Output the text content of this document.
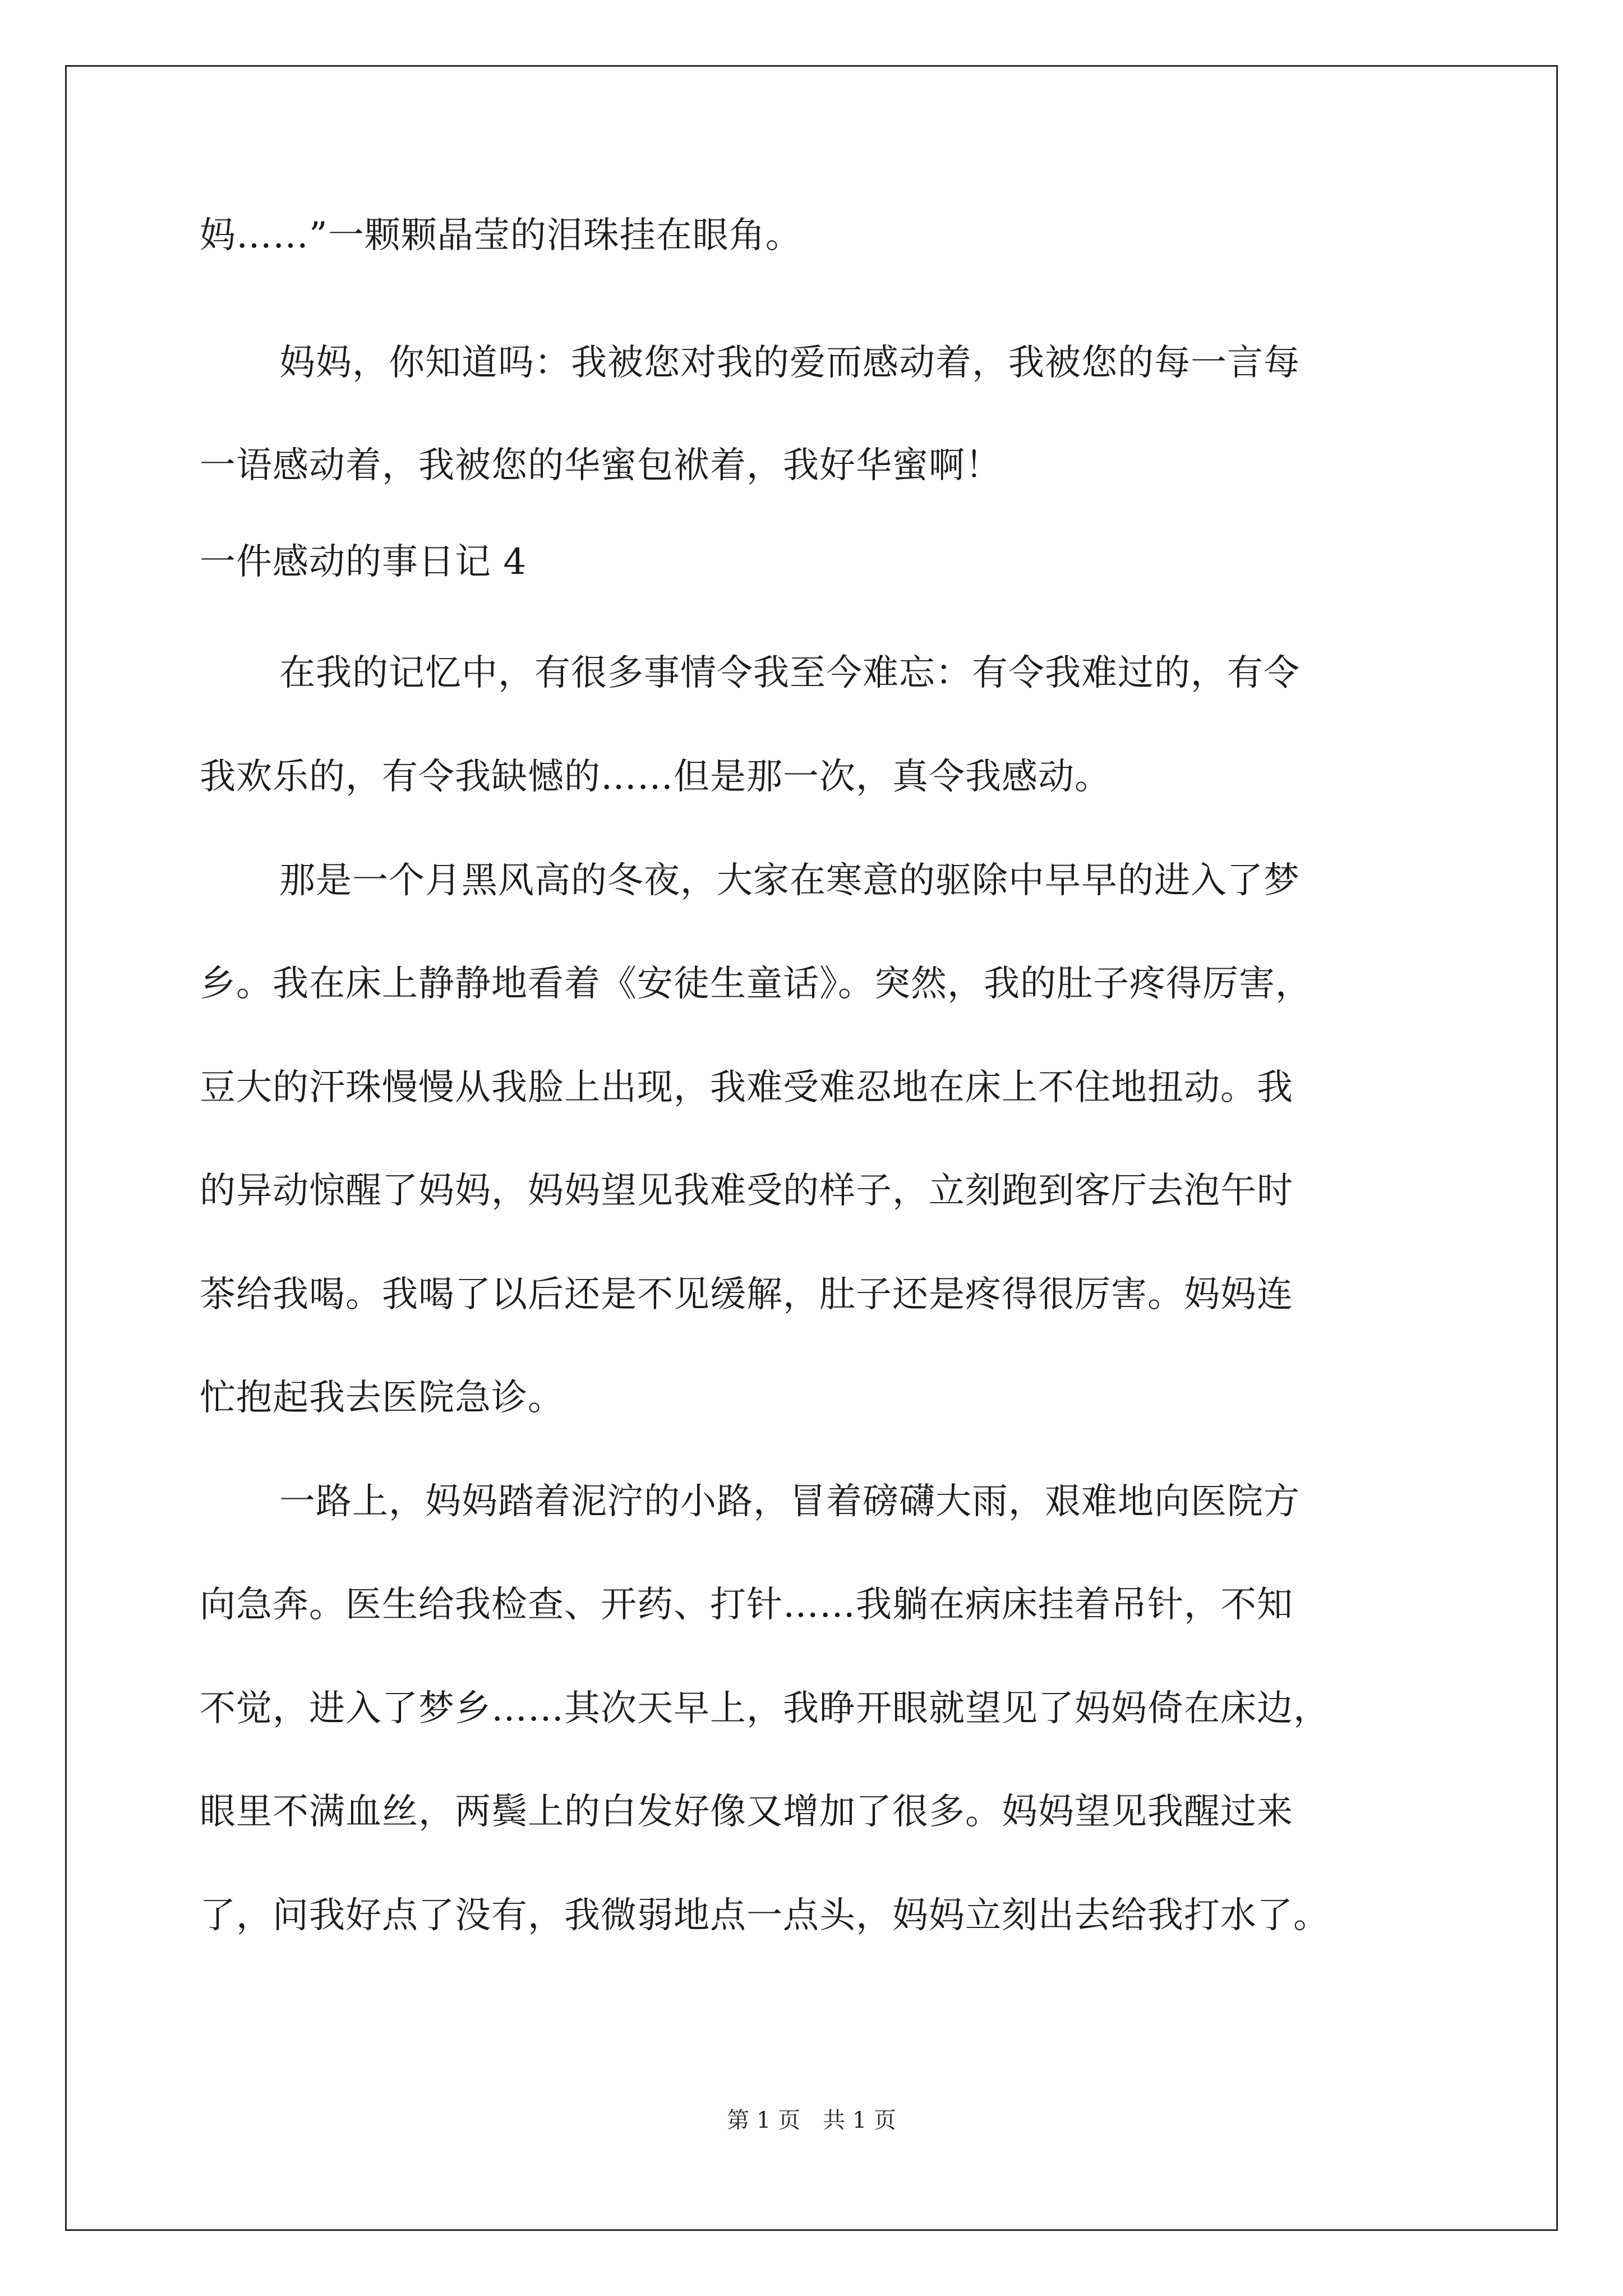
妈……”一颗颗晶莹的泪珠挂在眼角。
妈妈，你知道吗：我被您对我的爱而感动着，我被您的每一言每
一语感动着，我被您的华蜜包袱着，我好华蜜啊！
一件感动的事日记 4
在我的记忆中，有很多事情令我至今难忘：有令我难过的，有令
我欢乐的，有令我缺憾的……但是那一次，真令我感动。
那是一个月黑风高的冬夜，大家在寒意的驱除中早早的进入了梦
乡。我在床上静静地看着《安徒生童话》。突然，我的肚子疼得厉害，
豆大的汗珠慢慢从我脸上出现，我难受难忍地在床上不住地扭动。我
的异动惊醒了妈妈，妈妈望见我难受的样子，立刻跑到客厅去泡午时
茶给我喝。我喝了以后还是不见缓解，肚子还是疼得很厉害。妈妈连
忙抱起我去医院急诊。
一路上，妈妈踏着泥泞的小路，冒着磅礴大雨，艰难地向医院方
向急奔。医生给我检查、开药、打针……我躺在病床挂着吊针，不知
不觉，进入了梦乡……其次天早上，我睁开眼就望见了妈妈倚在床边，
眼里不满血丝，两鬓上的白发好像又增加了很多。妈妈望见我醒过来
了，问我好点了没有，我微弱地点一点头，妈妈立刻出去给我打水了。
第 1 页　共 1 页
